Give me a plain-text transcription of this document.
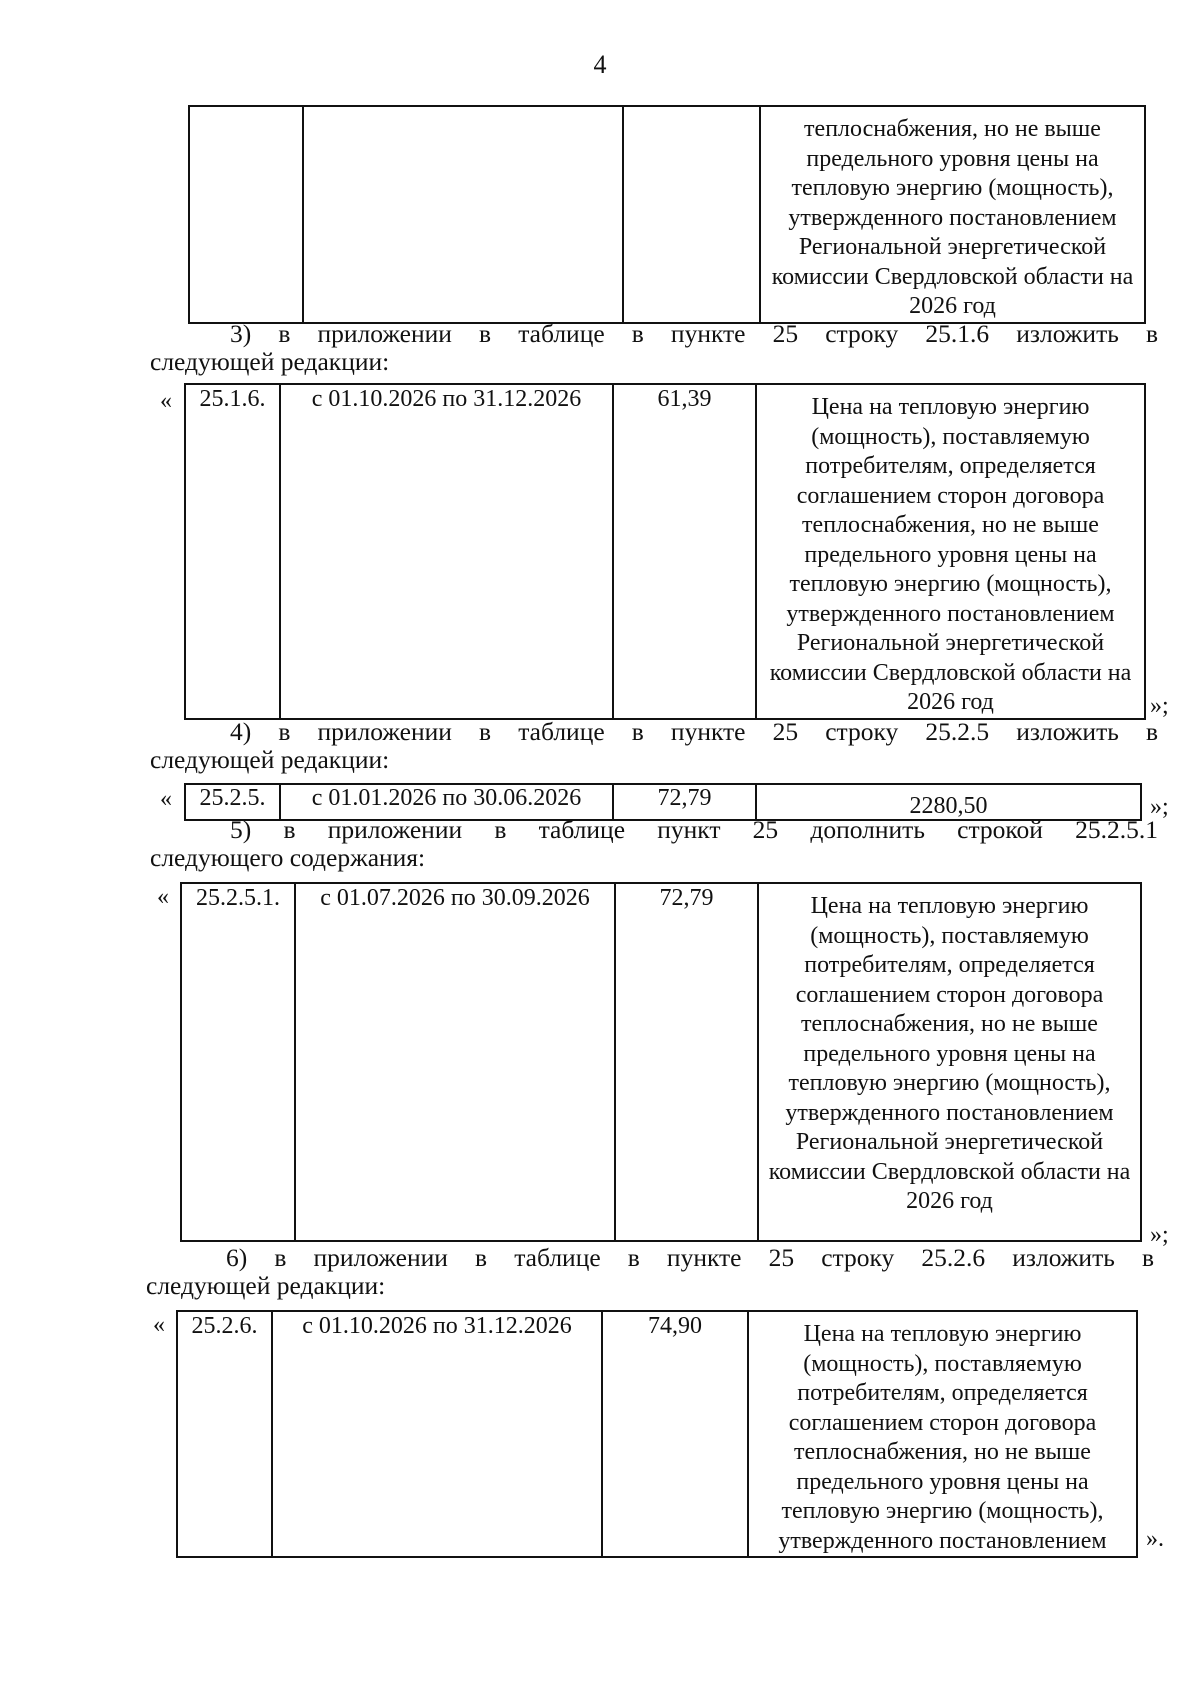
4
			теплоснабжения, но не выше предельного уровня цены на тепловую энергию (мощность), утвержденного постановлением Региональной энергетической комиссии Свердловской области на 2026 год
3) в приложении в таблице в пункте 25 строку 25.1.6 изложить в
следующей редакции:
« 25.1.6.	с 01.10.2026 по 31.12.2026	61,39	Цена на тепловую энергию (мощность), поставляемую потребителям, определяется соглашением сторон договора теплоснабжения, но не выше предельного уровня цены на тепловую энергию (мощность), утвержденного постановлением Региональной энергетической комиссии Свердловской области на 2026 год	»;
4) в приложении в таблице в пункте 25 строку 25.2.5 изложить в
следующей редакции:
« 25.2.5.	с 01.01.2026 по 30.06.2026	72,79	2280,50	»;
5) в приложении в таблице пункт 25 дополнить строкой 25.2.5.1
следующего содержания:
« 25.2.5.1.	с 01.07.2026 по 30.09.2026	72,79	Цена на тепловую энергию (мощность), поставляемую потребителям, определяется соглашением сторон договора теплоснабжения, но не выше предельного уровня цены на тепловую энергию (мощность), утвержденного постановлением Региональной энергетической комиссии Свердловской области на 2026 год
»;
6) в приложении в таблице в пункте 25 строку 25.2.6 изложить в
следующей редакции:
« 25.2.6.	с 01.10.2026 по 31.12.2026	74,90	Цена на тепловую энергию (мощность), поставляемую потребителям, определяется соглашением сторон договора теплоснабжения, но не выше предельного уровня цены на тепловую энергию (мощность), утвержденного постановлением ».
